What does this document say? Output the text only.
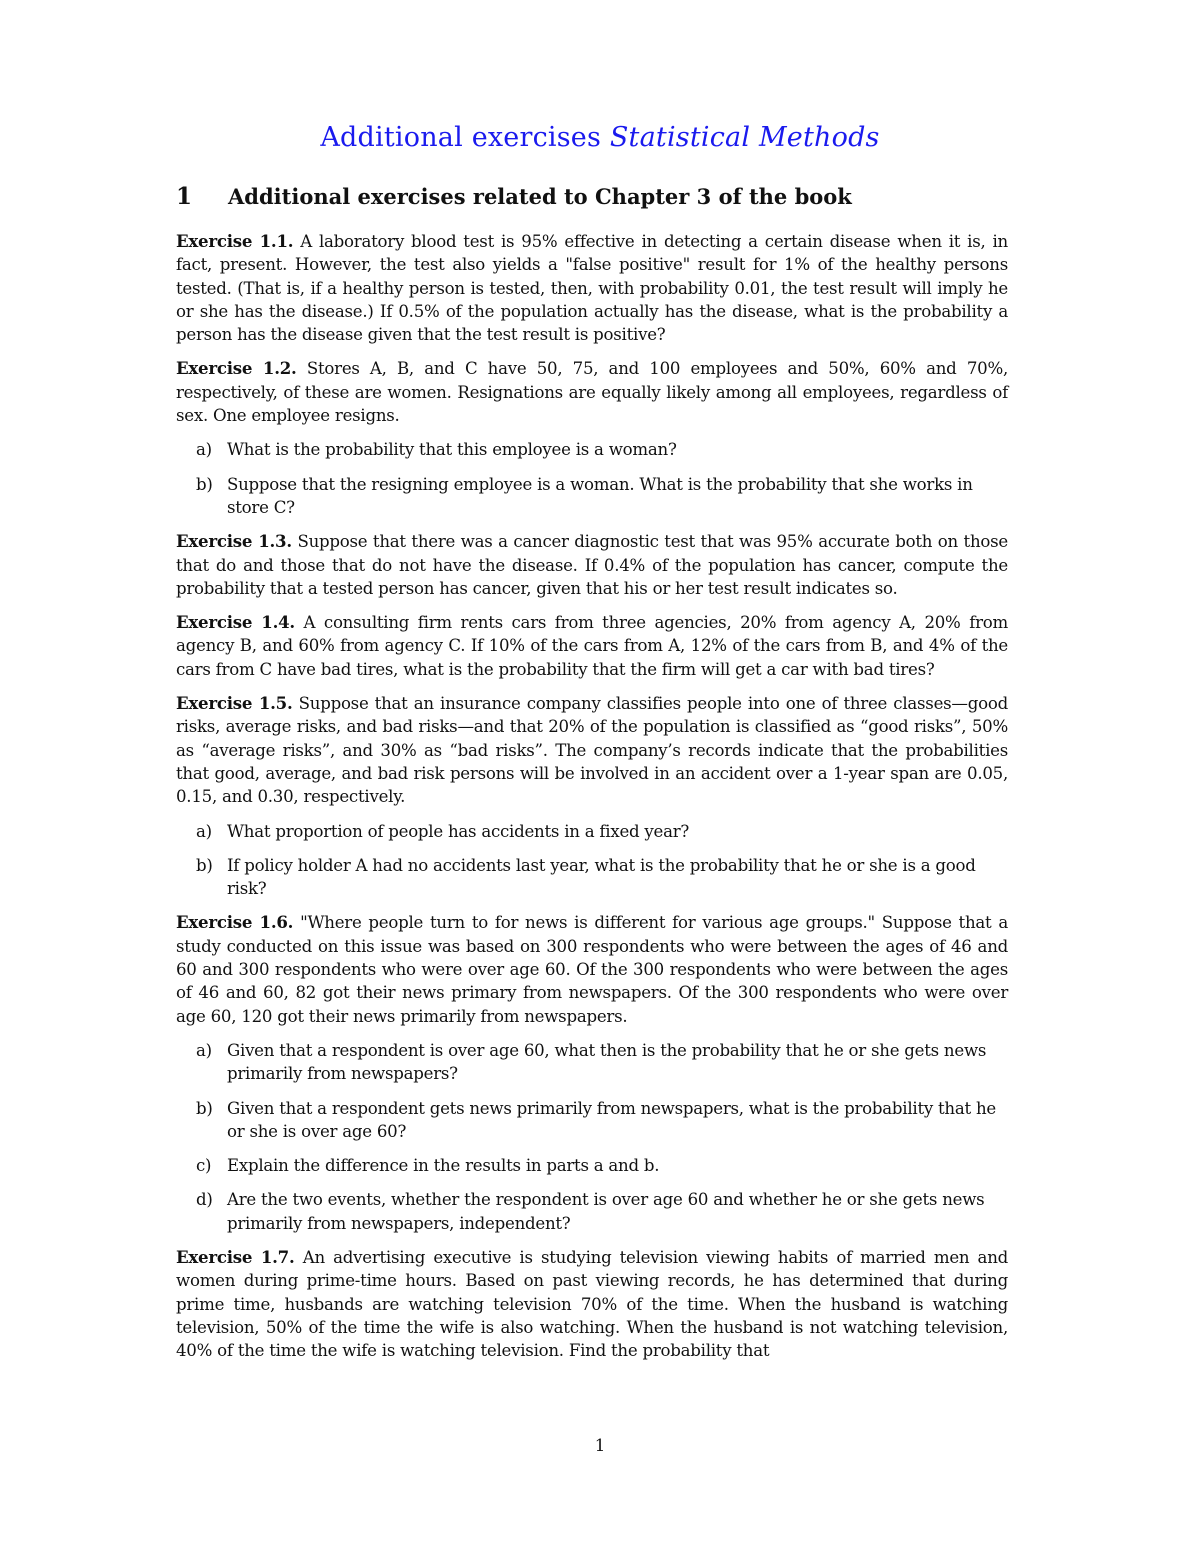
Additional exercises Statistical Methods
1 Additional exercises related to Chapter 3 of the book

Exercise 1.1. A laboratory blood test is 95% effective in detecting a certain disease when it is, in fact, present. However, the test also yields a "false positive" result for 1% of the healthy persons tested. (That is, if a healthy person is tested, then, with probability 0.01, the test result will imply he or she has the disease.) If 0.5% of the population actually has the disease, what is the probability a person has the disease given that the test result is positive?

Exercise 1.2. Stores A, B, and C have 50, 75, and 100 employees and 50%, 60% and 70%, respectively, of these are women. Resignations are equally likely among all employees, regardless of sex. One employee resigns.

a) What is the probability that this employee is a woman?
b) Suppose that the resigning employee is a woman. What is the probability that she works in store C?

Exercise 1.3. Suppose that there was a cancer diagnostic test that was 95% accurate both on those that do and those that do not have the disease. If 0.4% of the population has cancer, compute the probability that a tested person has cancer, given that his or her test result indicates so.

Exercise 1.4. A consulting firm rents cars from three agencies, 20% from agency A, 20% from agency B, and 60% from agency C. If 10% of the cars from A, 12% of the cars from B, and 4% of the cars from C have bad tires, what is the probability that the firm will get a car with bad tires?

Exercise 1.5. Suppose that an insurance company classifies people into one of three classes—good risks, average risks, and bad risks—and that 20% of the population is classified as “good risks”, 50% as “average risks”, and 30% as “bad risks”. The company’s records indicate that the probabilities that good, average, and bad risk persons will be involved in an accident over a 1-year span are 0.05, 0.15, and 0.30, respectively.

a) What proportion of people has accidents in a fixed year?
b) If policy holder A had no accidents last year, what is the probability that he or she is a good risk?

Exercise 1.6. "Where people turn to for news is different for various age groups." Suppose that a study conducted on this issue was based on 300 respondents who were between the ages of 46 and 60 and 300 respondents who were over age 60. Of the 300 respondents who were between the ages of 46 and 60, 82 got their news primary from newspapers. Of the 300 respondents who were over age 60, 120 got their news primarily from newspapers.

a) Given that a respondent is over age 60, what then is the probability that he or she gets news primarily from newspapers?
b) Given that a respondent gets news primarily from newspapers, what is the probability that he or she is over age 60?
c) Explain the difference in the results in parts a and b.
d) Are the two events, whether the respondent is over age 60 and whether he or she gets news primarily from newspapers, independent?

Exercise 1.7. An advertising executive is studying television viewing habits of married men and women during prime-time hours. Based on past viewing records, he has determined that during prime time, husbands are watching television 70% of the time. When the husband is watching television, 50% of the time the wife is also watching. When the husband is not watching television, 40% of the time the wife is watching television. Find the probability that

1
